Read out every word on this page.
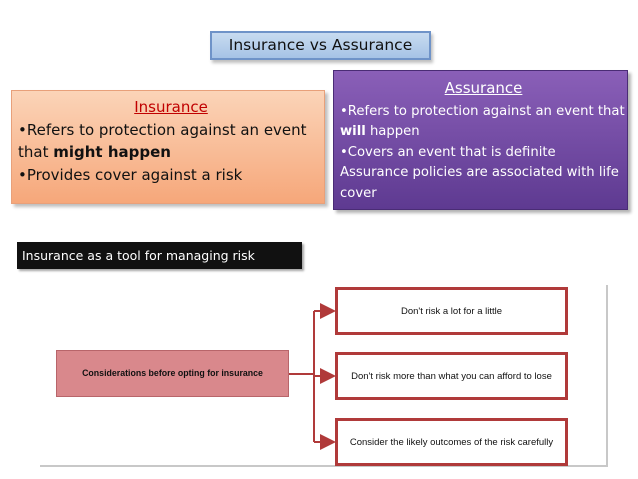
Insurance vs Assurance
Insurance
•Refers to protection against an event that might happen
•Provides cover against a risk
Assurance
•Refers to protection against an event that will happen
•Covers an event that is definite
Assurance policies are associated with life cover
Insurance as a tool for managing risk
Considerations before opting for insurance
Don't risk a lot for a little
Don't risk more than what you can afford to lose
Consider the likely outcomes of the risk carefully
